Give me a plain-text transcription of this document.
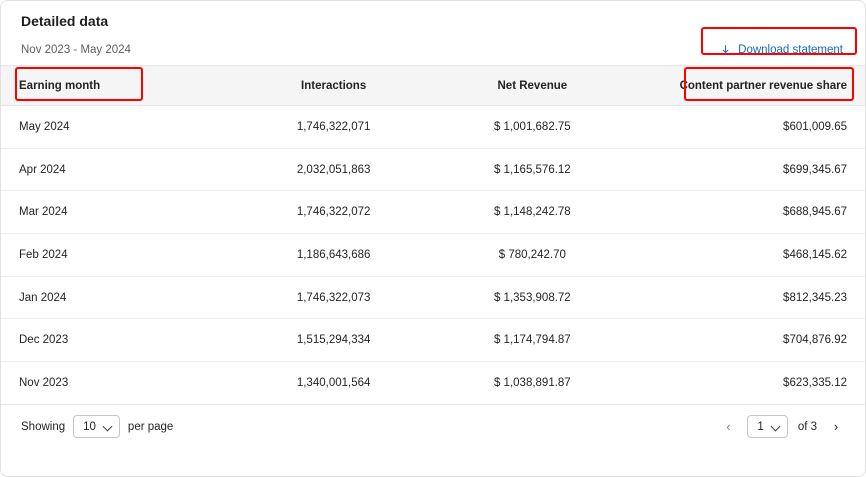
Detailed data
Nov 2023 - May 2024	Download statement
Earning month	Interactions	Net Revenue	Content partner revenue share
May 2024	1,746,322,071	$ 1,001,682.75	$601,009.65
Apr 2024	2,032,051,863	$ 1,165,576.12	$699,345.67
Mar 2024	1,746,322,072	$ 1,148,242.78	$688,945.67
Feb 2024	1,186,643,686	$ 780,242.70	$468,145.62
Jan 2024	1,746,322,073	$ 1,353,908.72	$812,345.23
Dec 2023	1,515,294,334	$ 1,174,794.87	$704,876.92
Nov 2023	1,340,001,564	$ 1,038,891.87	$623,335.12
Showing 10	per page	‹	1	of 3	›
